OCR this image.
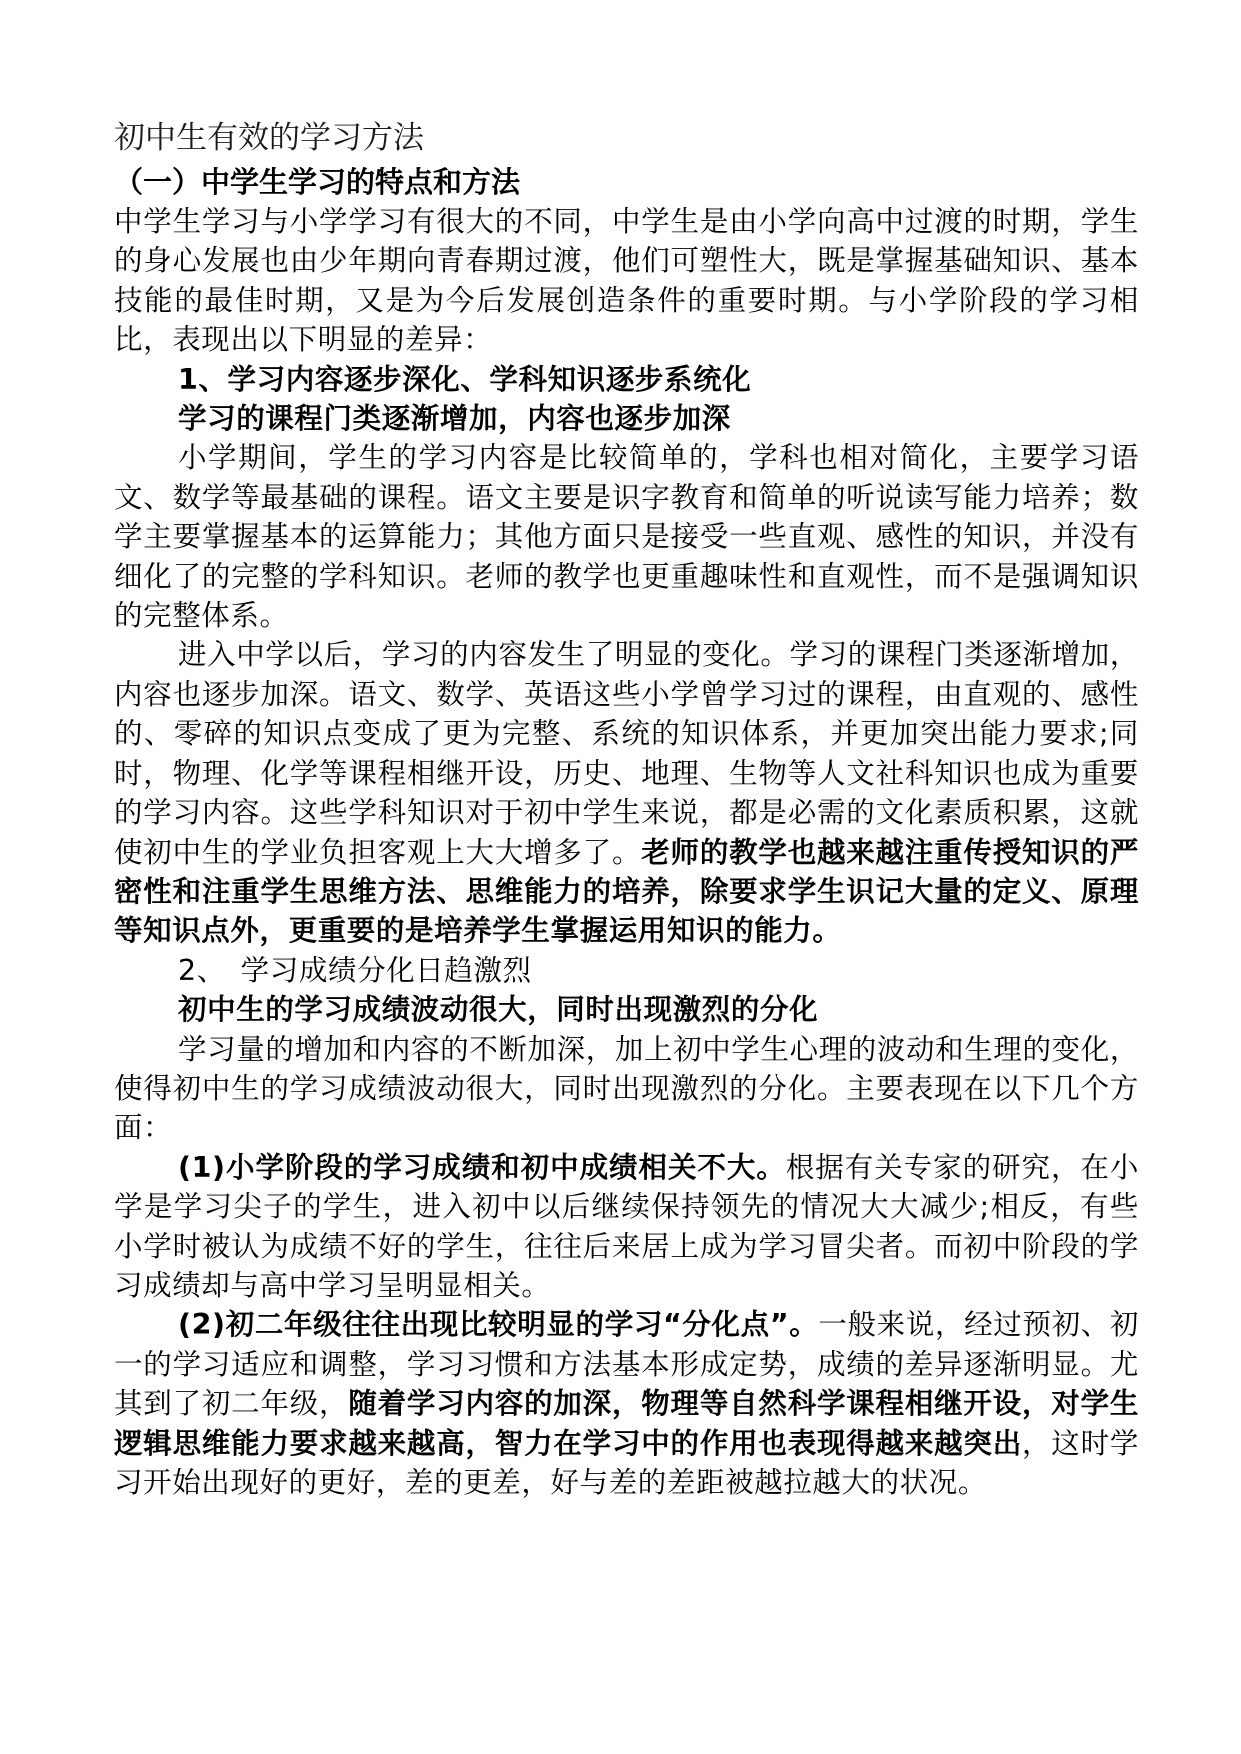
初中生有效的学习方法
（一）中学生学习的特点和方法

中学生学习与小学学习有很大的不同，中学生是由小学向高中过渡的时期，学生的身心发展也由少年期向青春期过渡，他们可塑性大，既是掌握基础知识、基本技能的最佳时期，又是为今后发展创造条件的重要时期。与小学阶段的学习相比，表现出以下明显的差异：

1、学习内容逐步深化、学科知识逐步系统化

学习的课程门类逐渐增加，内容也逐步加深

小学期间，学生的学习内容是比较简单的，学科也相对简化，主要学习语文、数学等最基础的课程。语文主要是识字教育和简单的听说读写能力培养；数学主要掌握基本的运算能力；其他方面只是接受一些直观、感性的知识，并没有细化了的完整的学科知识。老师的教学也更重趣味性和直观性，而不是强调知识的完整体系。

进入中学以后，学习的内容发生了明显的变化。学习的课程门类逐渐增加，内容也逐步加深。语文、数学、英语这些小学曾学习过的课程，由直观的、感性的、零碎的知识点变成了更为完整、系统的知识体系，并更加突出能力要求;同时，物理、化学等课程相继开设，历史、地理、生物等人文社科知识也成为重要的学习内容。这些学科知识对于初中学生来说，都是必需的文化素质积累，这就使初中生的学业负担客观上大大增多了。老师的教学也越来越注重传授知识的严密性和注重学生思维方法、思维能力的培养，除要求学生识记大量的定义、原理等知识点外，更重要的是培养学生掌握运用知识的能力。

2、　学习成绩分化日趋激烈

初中生的学习成绩波动很大，同时出现激烈的分化

学习量的增加和内容的不断加深，加上初中学生心理的波动和生理的变化，使得初中生的学习成绩波动很大，同时出现激烈的分化。主要表现在以下几个方面：

(1)小学阶段的学习成绩和初中成绩相关不大。根据有关专家的研究，在小学是学习尖子的学生，进入初中以后继续保持领先的情况大大减少;相反，有些小学时被认为成绩不好的学生，往往后来居上成为学习冒尖者。而初中阶段的学习成绩却与高中学习呈明显相关。

(2)初二年级往往出现比较明显的学习“分化点”。一般来说，经过预初、初一的学习适应和调整，学习习惯和方法基本形成定势，成绩的差异逐渐明显。尤其到了初二年级，随着学习内容的加深，物理等自然科学课程相继开设，对学生逻辑思维能力要求越来越高，智力在学习中的作用也表现得越来越突出，这时学习开始出现好的更好，差的更差，好与差的差距被越拉越大的状况。
